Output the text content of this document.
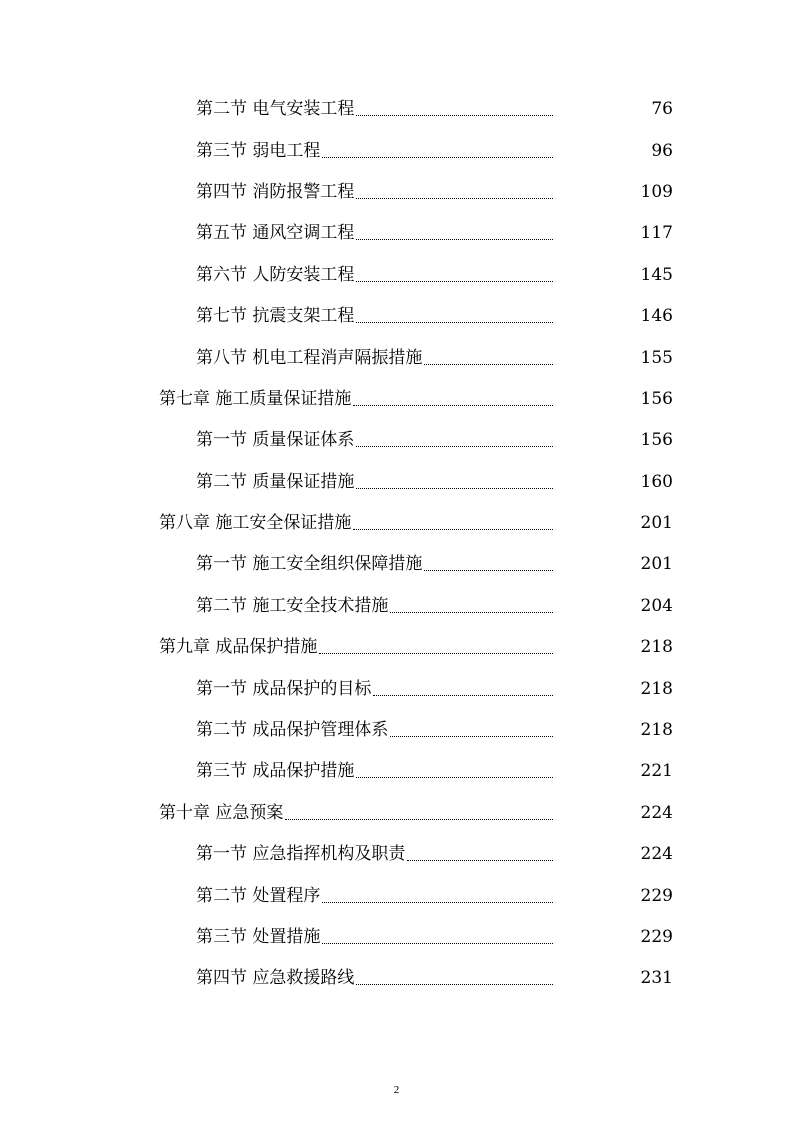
第二节 电气安装工程	76
第三节 弱电工程	96
第四节 消防报警工程	109
第五节 通风空调工程	117
第六节 人防安装工程	145
第七节 抗震支架工程	146
第八节 机电工程消声隔振措施	155
第七章 施工质量保证措施	156
第一节 质量保证体系	156
第二节 质量保证措施	160
第八章 施工安全保证措施	201
第一节 施工安全组织保障措施	201
第二节 施工安全技术措施	204
第九章 成品保护措施	218
第一节 成品保护的目标	218
第二节 成品保护管理体系	218
第三节 成品保护措施	221
第十章 应急预案	224
第一节 应急指挥机构及职责	224
第二节 处置程序	229
第三节 处置措施	229
第四节 应急救援路线	231
2
